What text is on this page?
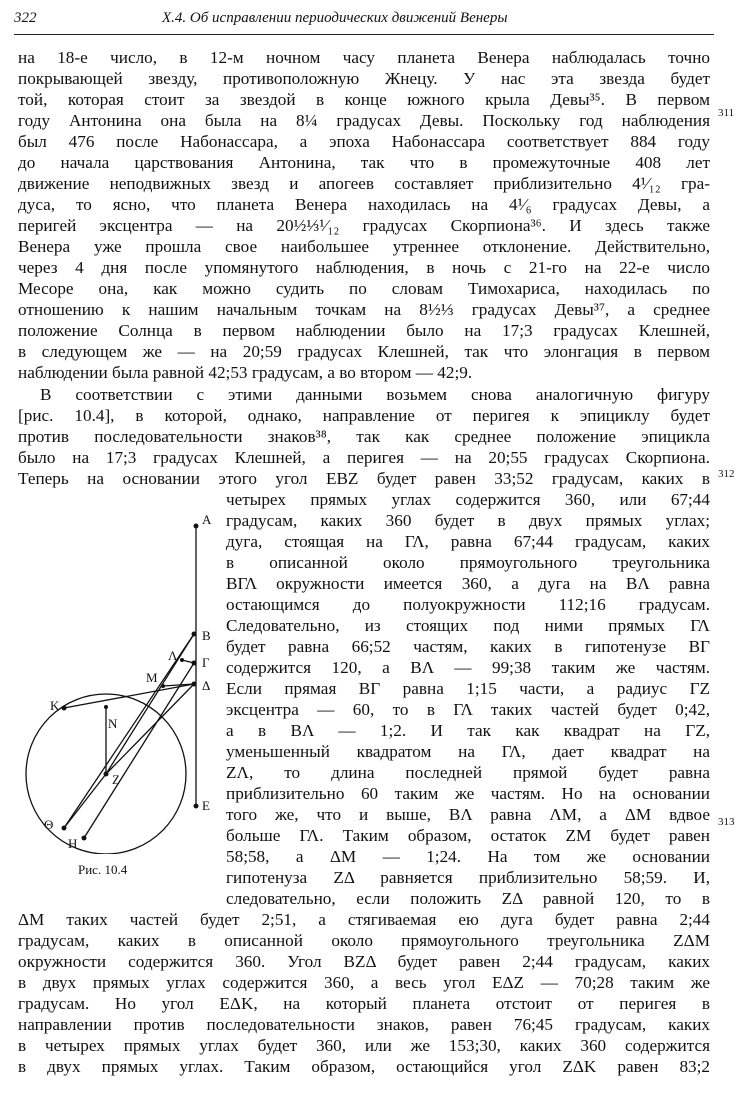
322	Х.4. Об исправлении периодических движений Венеры
на 18-е число, в 12-м ночном часу планета Венера наблюдалась точно
покрывающей звезду, противоположную Жнецу. У нас эта звезда будет
той, которая стоит за звездой в конце южного крыла Девы³⁵. В первом
году Антонина она была на 8¼ градусах Девы. Поскольку год наблюдения
был 476 после Набонассара, а эпоха Набонассара соответствует 884 году
до начала царствования Антонина, так что в промежуточные 408 лет
движение неподвижных звезд и апогеев составляет приблизительно 4¹⁄₁₂ гра-
дуса, то ясно, что планета Венера находилась на 4¹⁄₆ градусах Девы, а
перигей эксцентра — на 20½⅓¹⁄₁₂ градусах Скорпиона³⁶. И здесь также
Венера уже прошла свое наибольшее утреннее отклонение. Действительно,
через 4 дня после упомянутого наблюдения, в ночь с 21-го на 22-е число
Месоре она, как можно судить по словам Тимохариса, находилась по
отношению к нашим начальным точкам на 8½⅓ градусах Девы³⁷, а среднее
положение Солнца в первом наблюдении было на 17;3 градусах Клешней,
в следующем же — на 20;59 градусах Клешней, так что элонгация в первом
наблюдении была равной 42;53 градусам, а во втором — 42;9.
В соответствии с этими данными возьмем снова аналогичную фигуру
[рис. 10.4], в которой, однако, направление от перигея к эпициклу будет
против последовательности знаков³⁸, так как среднее положение эпицикла
было на 17;3 градусах Клешней, а перигея — на 20;55 градусах Скорпиона.
Теперь на основании этого угол EBZ будет равен 33;52 градусам, каких в
четырех прямых углах содержится 360, или 67;44
градусам, каких 360 будет в двух прямых углах;
дуга, стоящая на ΓΛ, равна 67;44 градусам, каких
в описанной около прямоугольного треугольника
BΓΛ окружности имеется 360, а дуга на BΛ равна
остающимся до полуокружности 112;16 градусам.
Следовательно, из стоящих под ними прямых ΓΛ
будет равна 66;52 частям, каких в гипотенузе BΓ
содержится 120, а BΛ — 99;38 таким же частям.
Если прямая BΓ равна 1;15 части, а радиус ΓZ
эксцентра — 60, то в ΓΛ таких частей будет 0;42,
а в BΛ — 1;2. И так как квадрат на ΓZ,
уменьшенный квадратом на ΓΛ, дает квадрат на
ZΛ, то длина последней прямой будет равна
приблизительно 60 таким же частям. Но на основании
того же, что и выше, BΛ равна ΛM, а ΔM вдвое
больше ΓΛ. Таким образом, остаток ZM будет равен
58;58, а ΔM — 1;24. На том же основании
гипотенуза ZΔ равняется приблизительно 58;59. И,
следовательно, если положить ZΔ равной 120, то в
ΔM таких частей будет 2;51, а стягиваемая ею дуга будет равна 2;44
градусам, каких в описанной около прямоугольного треугольника ZΔM
окружности содержится 360. Угол BZΔ будет равен 2;44 градусам, каких
в двух прямых углах содержится 360, а весь угол EΔZ — 70;28 таким же
градусам. Но угол EΔK, на который планета отстоит от перигея в
направлении против последовательности знаков, равен 76;45 градусам, каких
в четырех прямых углах будет 360, или же 153;30, каких 360 содержится
в двух прямых углах. Таким образом, остающийся угол ZΔK равен 83;2
311
312
313
A
B
Λ Γ
M
Δ
K
N
Z
E
Θ
H
Рис. 10.4
